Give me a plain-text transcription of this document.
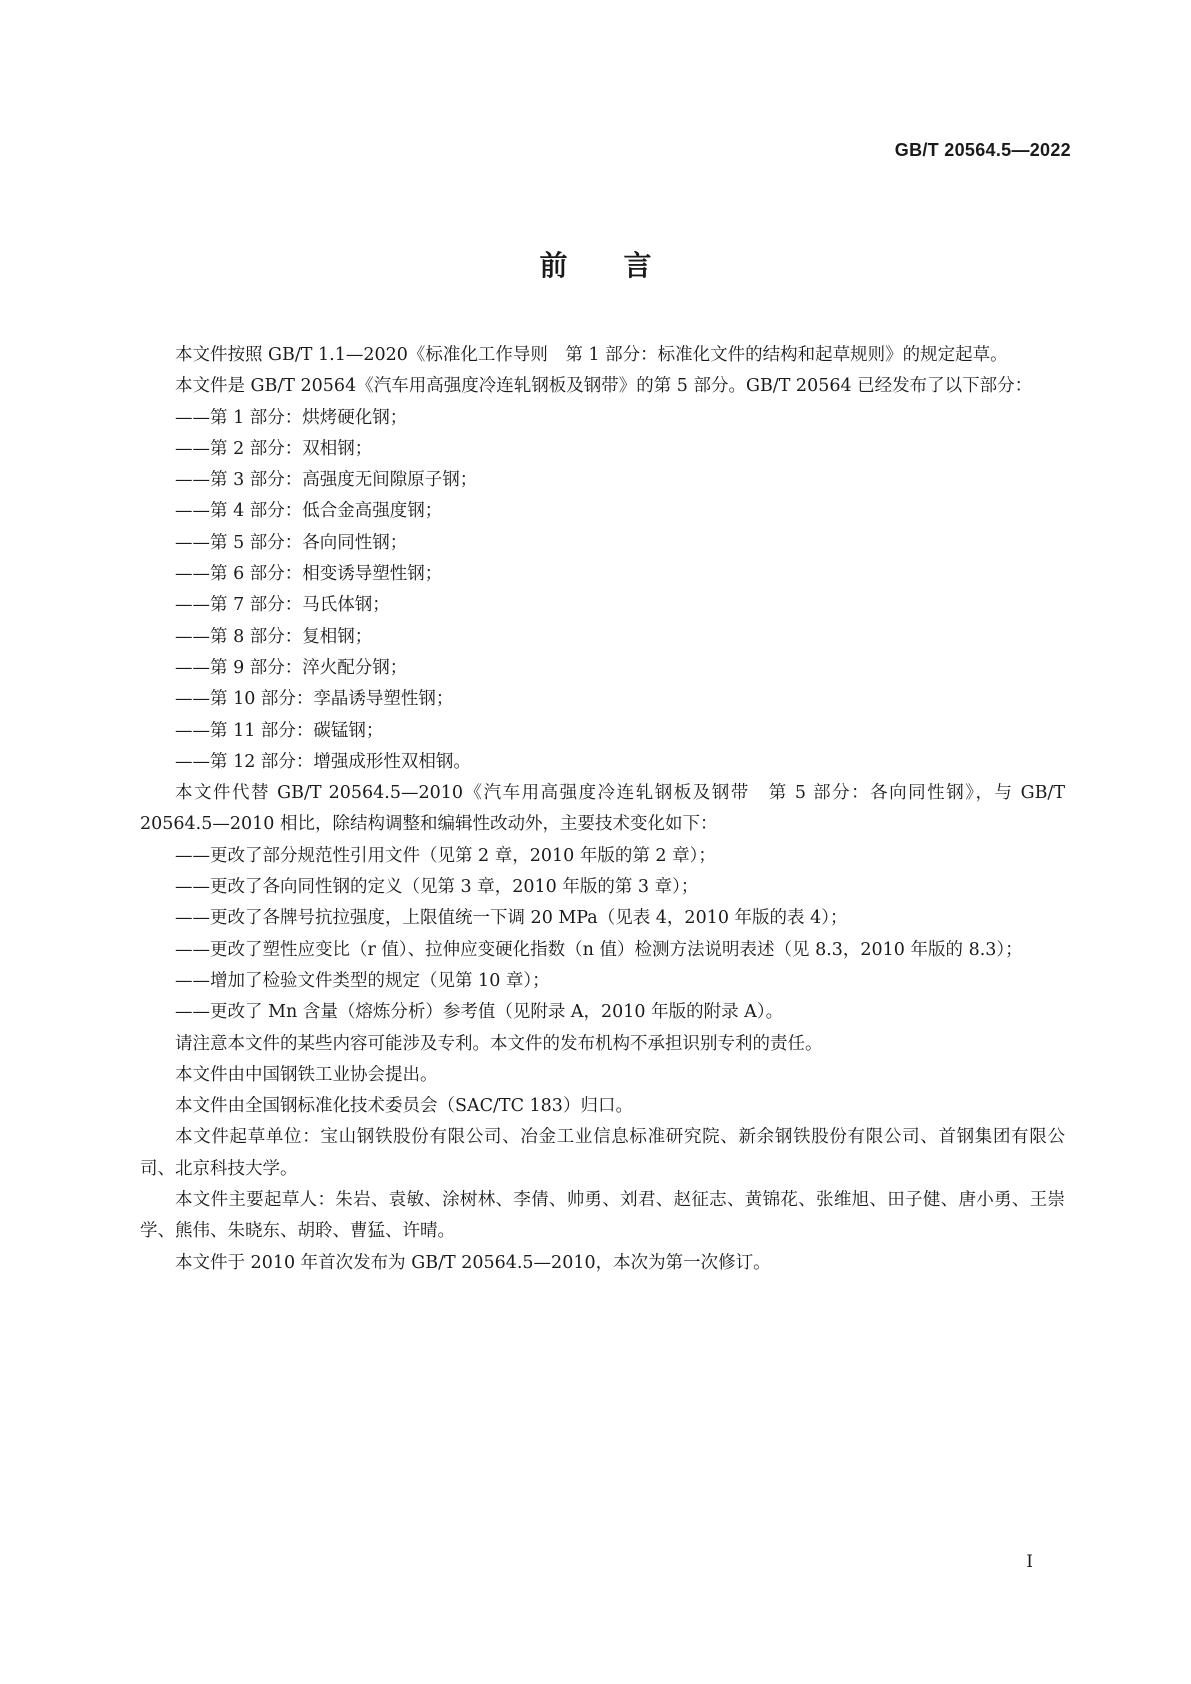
GB/T 20564.5—2022
前言

本文件按照 GB/T 1.1—2020《标准化工作导则　第 1 部分：标准化文件的结构和起草规则》的规定起草。

本文件是 GB/T 20564《汽车用高强度冷连轧钢板及钢带》的第 5 部分。GB/T 20564 已经发布了以下部分：

——第 1 部分：烘烤硬化钢；

——第 2 部分：双相钢；

——第 3 部分：高强度无间隙原子钢；

——第 4 部分：低合金高强度钢；

——第 5 部分：各向同性钢；

——第 6 部分：相变诱导塑性钢；

——第 7 部分：马氏体钢；

——第 8 部分：复相钢；

——第 9 部分：淬火配分钢；

——第 10 部分：孪晶诱导塑性钢；

——第 11 部分：碳锰钢；

——第 12 部分：增强成形性双相钢。

本文件代替 GB/T 20564.5—2010《汽车用高强度冷连轧钢板及钢带　第 5 部分：各向同性钢》，与 GB/T 20564.5—2010 相比，除结构调整和编辑性改动外，主要技术变化如下：

——更改了部分规范性引用文件（见第 2 章，2010 年版的第 2 章）；

——更改了各向同性钢的定义（见第 3 章，2010 年版的第 3 章）；

——更改了各牌号抗拉强度，上限值统一下调 20 MPa（见表 4，2010 年版的表 4）；

——更改了塑性应变比（r 值）、拉伸应变硬化指数（n 值）检测方法说明表述（见 8.3，2010 年版的 8.3）；

——增加了检验文件类型的规定（见第 10 章）；

——更改了 Mn 含量（熔炼分析）参考值（见附录 A，2010 年版的附录 A）。

请注意本文件的某些内容可能涉及专利。本文件的发布机构不承担识别专利的责任。

本文件由中国钢铁工业协会提出。

本文件由全国钢标准化技术委员会（SAC/TC 183）归口。

本文件起草单位：宝山钢铁股份有限公司、冶金工业信息标准研究院、新余钢铁股份有限公司、首钢集团有限公司、北京科技大学。

本文件主要起草人：朱岩、袁敏、涂树林、李倩、帅勇、刘君、赵征志、黄锦花、张维旭、田子健、唐小勇、王崇学、熊伟、朱晓东、胡聆、曹猛、许晴。

本文件于 2010 年首次发布为 GB/T 20564.5—2010，本次为第一次修订。

I
